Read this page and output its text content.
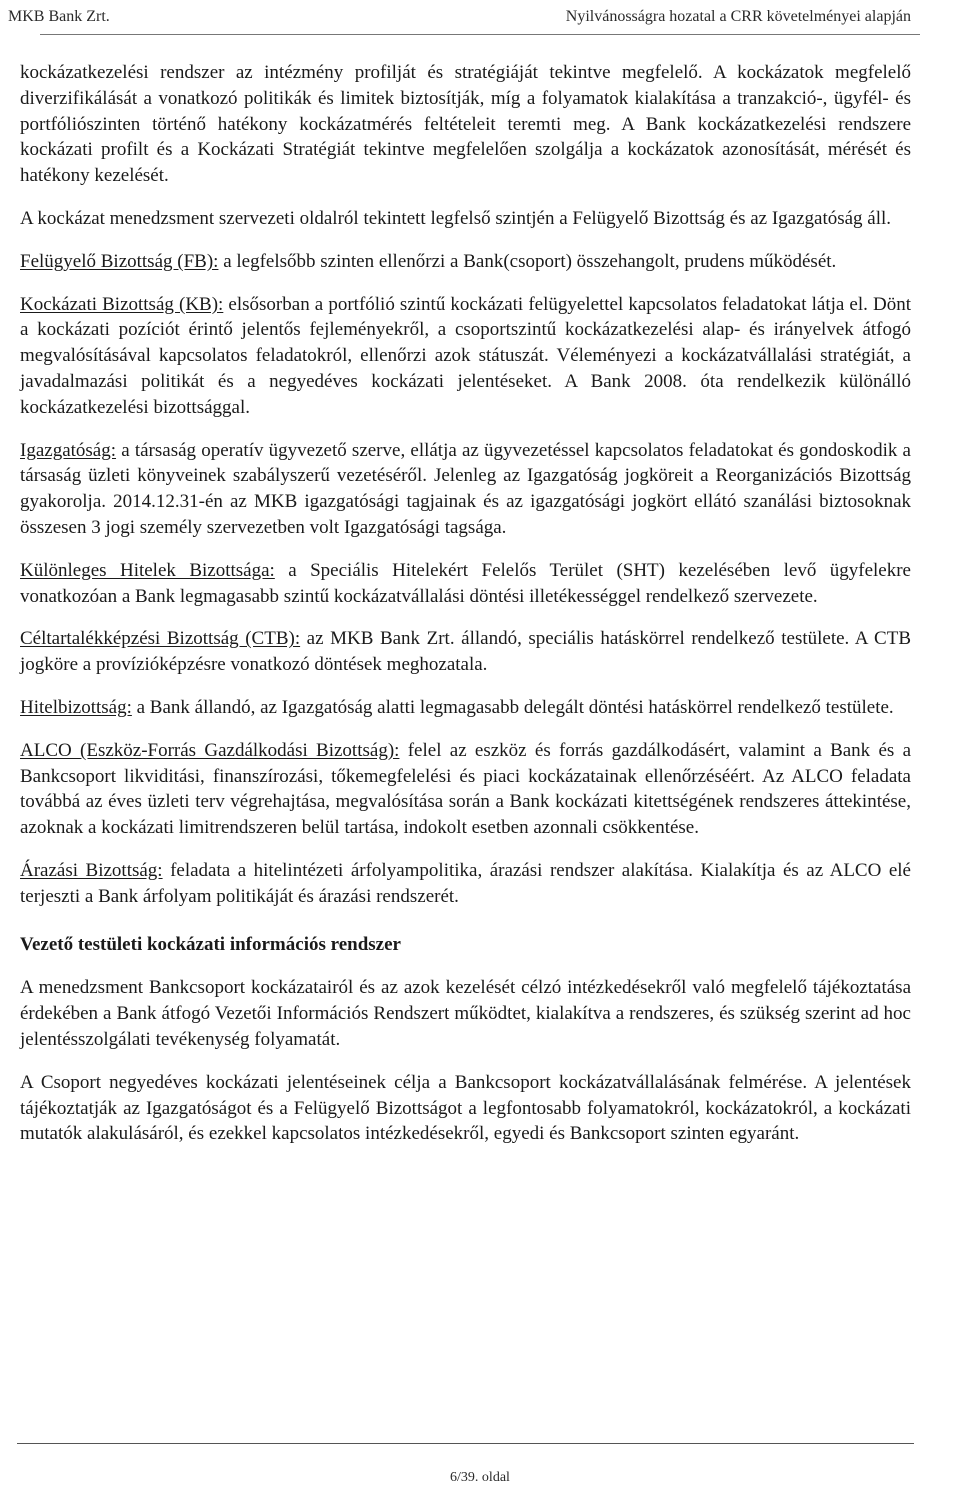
MKB Bank Zrt.	Nyilvánosságra hozatal a CRR követelményei alapján

kockázatkezelési rendszer az intézmény profilját és stratégiáját tekintve megfelelő. A kockázatok megfelelő diverzifikálását a vonatkozó politikák és limitek biztosítják, míg a folyamatok kialakítása a tranzakció-, ügyfél- és portfóliószinten történő hatékony kockázatmérés feltételeit teremti meg. A Bank kockázatkezelési rendszere kockázati profilt és a Kockázati Stratégiát tekintve megfelelően szolgálja a kockázatok azonosítását, mérését és hatékony kezelését.

A kockázat menedzsment szervezeti oldalról tekintett legfelső szintjén a Felügyelő Bizottság és az Igazgatóság áll.

Felügyelő Bizottság (FB): a legfelsőbb szinten ellenőrzi a Bank(csoport) összehangolt, prudens működését.

Kockázati Bizottság (KB): elsősorban a portfólió szintű kockázati felügyelettel kapcsolatos feladatokat látja el. Dönt a kockázati pozíciót érintő jelentős fejleményekről, a csoportszintű kockázatkezelési alap- és irányelvek átfogó megvalósításával kapcsolatos feladatokról, ellenőrzi azok státuszát. Véleményezi a kockázatvállalási stratégiát, a javadalmazási politikát és a negyedéves kockázati jelentéseket. A Bank 2008. óta rendelkezik különálló kockázatkezelési bizottsággal.

Igazgatóság: a társaság operatív ügyvezető szerve, ellátja az ügyvezetéssel kapcsolatos feladatokat és gondoskodik a társaság üzleti könyveinek szabályszerű vezetéséről. Jelenleg az Igazgatóság jogköreit a Reorganizációs Bizottság gyakorolja. 2014.12.31-én az MKB igazgatósági tagjainak és az igazgatósági jogkört ellátó szanálási biztosoknak összesen 3 jogi személy szervezetben volt Igazgatósági tagsága.

Különleges Hitelek Bizottsága: a Speciális Hitelekért Felelős Terület (SHT) kezelésében levő ügyfelekre vonatkozóan a Bank legmagasabb szintű kockázatvállalási döntési illetékességgel rendelkező szervezete.

Céltartalékképzési Bizottság (CTB): az MKB Bank Zrt. állandó, speciális hatáskörrel rendelkező testülete. A CTB jogköre a provízióképzésre vonatkozó döntések meghozatala.

Hitelbizottság: a Bank állandó, az Igazgatóság alatti legmagasabb delegált döntési hatáskörrel rendelkező testülete.

ALCO (Eszköz-Forrás Gazdálkodási Bizottság): felel az eszköz és forrás gazdálkodásért, valamint a Bank és a Bankcsoport likviditási, finanszírozási, tőkemegfelelési és piaci kockázatainak ellenőrzéséért. Az ALCO feladata továbbá az éves üzleti terv végrehajtása, megvalósítása során a Bank kockázati kitettségének rendszeres áttekintése, azoknak a kockázati limitrendszeren belül tartása, indokolt esetben azonnali csökkentése.

Árazási Bizottság: feladata a hitelintézeti árfolyampolitika, árazási rendszer alakítása. Kialakítja és az ALCO elé terjeszti a Bank árfolyam politikáját és árazási rendszerét.

Vezető testületi kockázati információs rendszer

A menedzsment Bankcsoport kockázatairól és az azok kezelését célzó intézkedésekről való megfelelő tájékoztatása érdekében a Bank átfogó Vezetői Információs Rendszert működtet, kialakítva a rendszeres, és szükség szerint ad hoc jelentésszolgálati tevékenység folyamatát.

A Csoport negyedéves kockázati jelentéseinek célja a Bankcsoport kockázatvállalásának felmérése. A jelentések tájékoztatják az Igazgatóságot és a Felügyelő Bizottságot a legfontosabb folyamatokról, kockázatokról, a kockázati mutatók alakulásáról, és ezekkel kapcsolatos intézkedésekről, egyedi és Bankcsoport szinten egyaránt.

6/39. oldal
